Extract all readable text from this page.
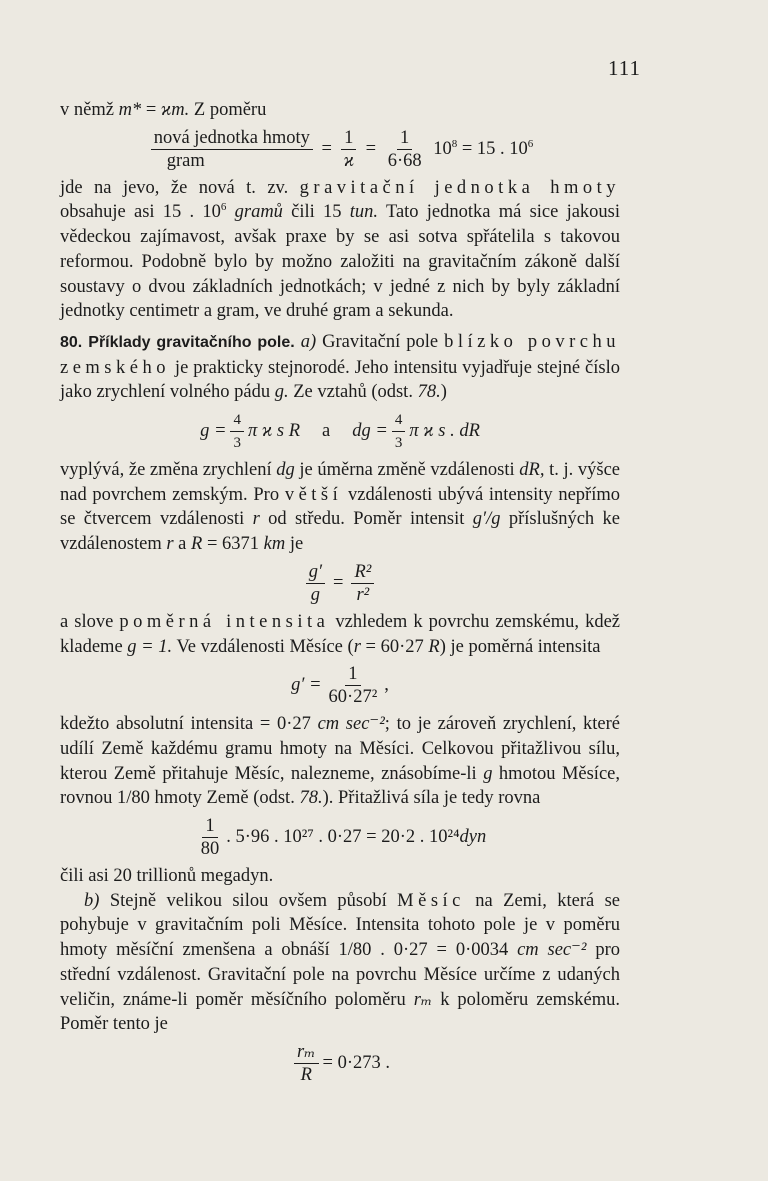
111

v němž m* = ϰm. Z poměru

$\frac{\text{nová jednotka hmoty}}{\text{gram}} = \frac{1}{ϰ} = \frac{1}{6\cdot 68} 10^8 = 15$ . $10^6$

jde na jevo, že nová t. zv. gravitační jednotka hmoty obsahuje asi 15 . $10^6$ gramů čili 15 tun. Tato jednotka má sice jakousi vědeckou zajímavost, avšak praxe by se asi sotva spřátelila s takovou reformou. Podobně bylo by možno založiti na gravitačním zákoně další soustavy o dvou základních jednotkách; v jedné z nich by byly základní jednotky centimetr a gram, ve druhé gram a sekunda.

80. Příklady gravitačního pole. a) Gravitační pole blízko povrchu zemského je prakticky stejnorodé. Jeho intensitu vyjadřuje stejné číslo jako zrychlení volného pádu g. Ze vztahů (odst. 78.)

$g = \frac{4}{3}$ π ϰ s R a dg = $\frac{4}{3}$ π ϰ s . dR

vyplývá, že změna zrychlení dg je úměrna změně vzdálenosti dR, t. j. výšce nad povrchem zemským. Pro větší vzdálenosti ubývá intensity nepřímo se čtvercem vzdálenosti r od středu. Poměr intensit g′/g příslušných ke vzdálenostem r a R = 6371 km je

$\frac{g'}{g} = \frac{\text{R²}}{\text{r²}}$

a slove poměrná intensita vzhledem k povrchu zemskému, kdež klademe g = 1. Ve vzdálenosti Měsíce (r = 60·27 R) je poměrná intensita

$g' = \frac{1}{\text{60·27²}}$ ,

kdežto absolutní intensita = 0·27 cm sec⁻²; to je zároveň zrychlení, které udílí Země každému gramu hmoty na Měsíci. Celkovou přitažlivou sílu, kterou Země přitahuje Měsíc, nalezneme, znásobíme-li g hmotou Měsíce, rovnou 1/80 hmoty Země (odst. 78.). Přitažlivá síla je tedy rovna

$\frac{1}{80}$ . 5·96 . 10²⁷ . 0·27 = 20·2 . 10²⁴ dyn

čili asi 20 trillionů megadyn.

b) Stejně velikou silou ovšem působí Měsíc na Zemi, která se pohybuje v gravitačním poli Měsíce. Intensita tohoto pole je v poměru hmoty měsíční zmenšena a obnáší 1/80 . 0·27 = 0·0034 cm sec⁻² pro střední vzdálenost. Gravitační pole na povrchu Měsíce určíme z udaných veličin, známe-li poměr měsíčního poloměru rₘ k poloměru zemskému. Poměr tento je

$\frac{\text{rₘ}}{R} = 0\cdot 273$ .
